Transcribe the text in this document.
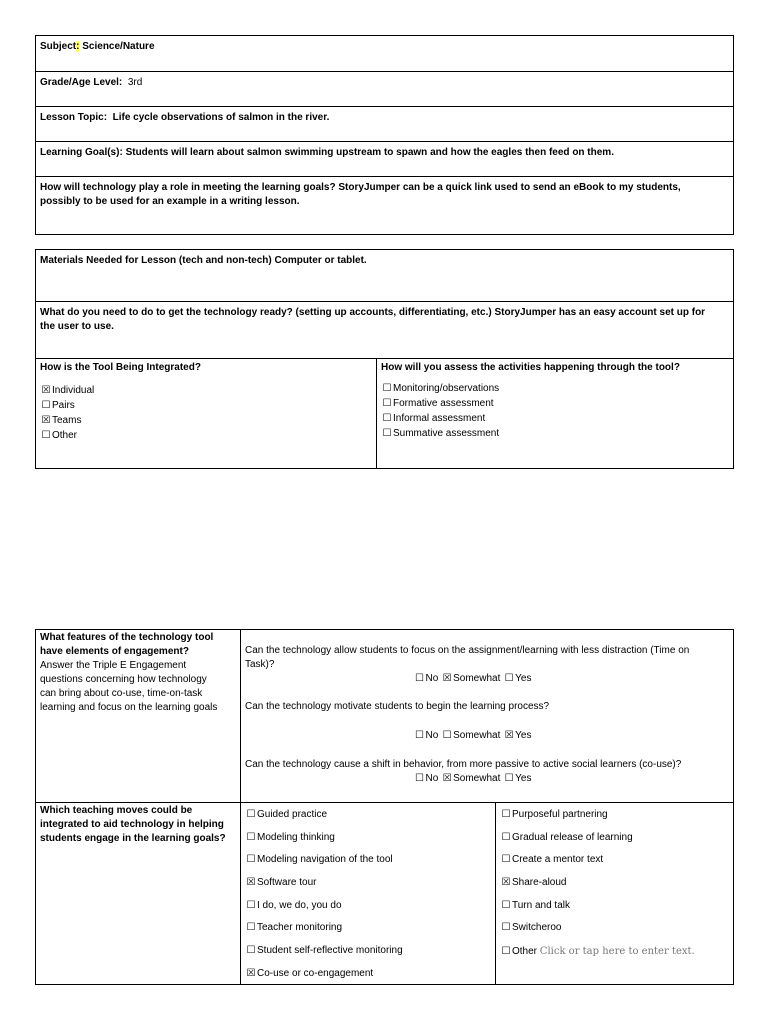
Subject: Science/Nature
Grade/Age Level: 3rd
Lesson Topic: Life cycle observations of salmon in the river.
Learning Goal(s): Students will learn about salmon swimming upstream to spawn and how the eagles then feed on them.
How will technology play a role in meeting the learning goals? StoryJumper can be a quick link used to send an eBook to my students,
possibly to be used for an example in a writing lesson.
Materials Needed for Lesson (tech and non-tech) Computer or tablet.
What do you need to do to get the technology ready? (setting up accounts, differentiating, etc.) StoryJumper has an easy account set up for
the user to use.
How is the Tool Being Integrated?
☒ Individual
☐ Pairs
☒ Teams
☐ Other
How will you assess the activities happening through the tool?
☐ Monitoring/observations
☐ Formative assessment
☐ Informal assessment
☐ Summative assessment
What features of the technology tool
have elements of engagement?
Answer the Triple E Engagement
questions concerning how technology
can bring about co-use, time-on-task
learning and focus on the learning goals
Can the technology allow students to focus on the assignment/learning with less distraction (Time on
Task)?
☐ No ☒ Somewhat ☐ Yes
Can the technology motivate students to begin the learning process?
☐ No ☐ Somewhat ☒ Yes
Can the technology cause a shift in behavior, from more passive to active social learners (co-use)?
☐ No ☒ Somewhat ☐ Yes
Which teaching moves could be
integrated to aid technology in helping
students engage in the learning goals?
☐ Guided practice
☐ Modeling thinking
☐ Modeling navigation of the tool
☒ Software tour
☐ I do, we do, you do
☐ Teacher monitoring
☐ Student self-reflective monitoring
☒ Co-use or co-engagement
☐ Purposeful partnering
☐ Gradual release of learning
☐ Create a mentor text
☒ Share-aloud
☐ Turn and talk
☐ Switcheroo
☐ Other Click or tap here to enter text.
